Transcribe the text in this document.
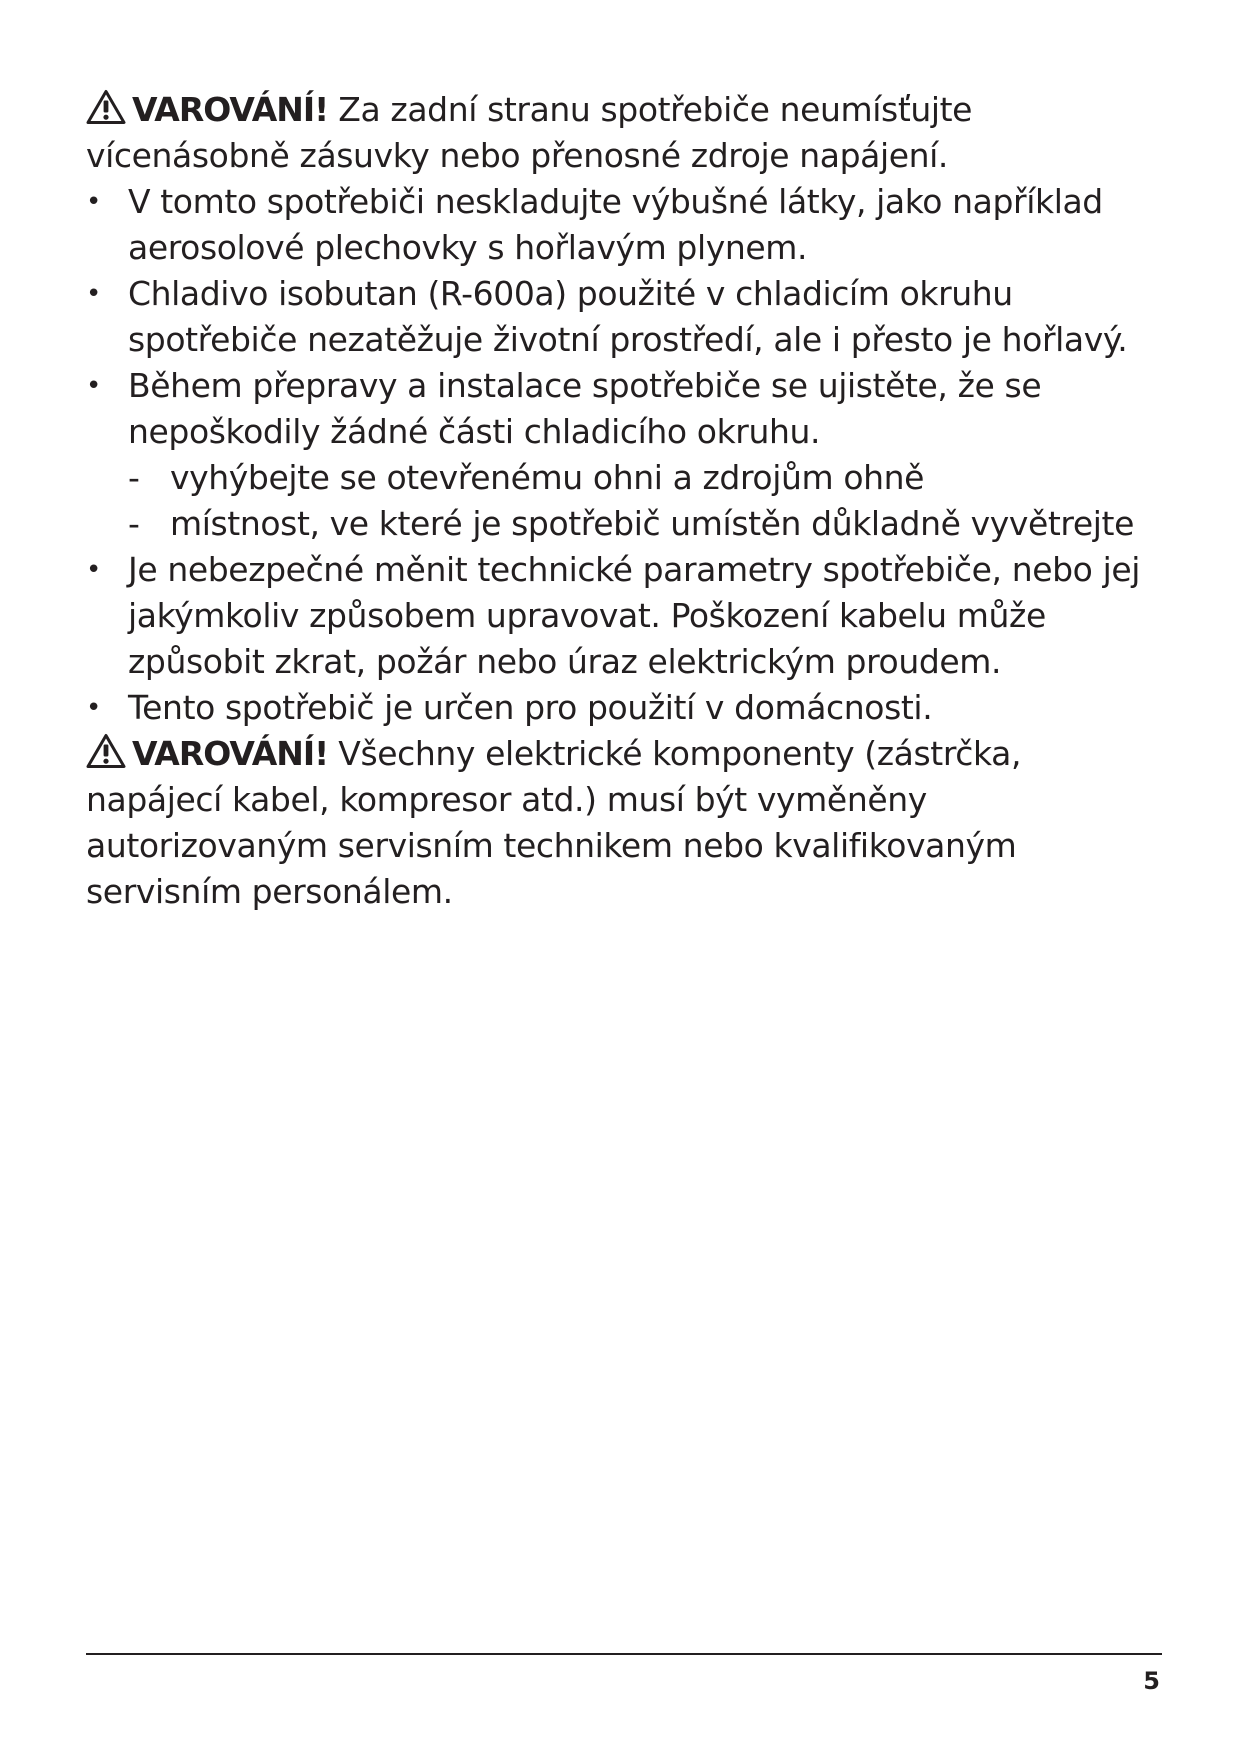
VAROVÁNÍ! Za zadní stranu spotřebiče neumísťujte vícenásobně zásuvky nebo přenosné zdroje napájení.

• V tomto spotřebiči neskladujte výbušné látky, jako například aerosolové plechovky s hořlavým plynem.
• Chladivo isobutan (R-600a) použité v chladicím okruhu spotřebiče nezatěžuje životní prostředí, ale i přesto je hořlavý.
• Během přepravy a instalace spotřebiče se ujistěte, že se nepoškodily žádné části chladicího okruhu.
- vyhýbejte se otevřenému ohni a zdrojům ohně
- místnost, ve které je spotřebič umístěn důkladně vyvětrejte
• Je nebezpečné měnit technické parametry spotřebiče, nebo jej jakýmkoliv způsobem upravovat. Poškození kabelu může způsobit zkrat, požár nebo úraz elektrickým proudem.
• Tento spotřebič je určen pro použití v domácnosti.

VAROVÁNÍ! Všechny elektrické komponenty (zástrčka, napájecí kabel, kompresor atd.) musí být vyměněny autorizovaným servisním technikem nebo kvalifikovaným servisním personálem.

5
